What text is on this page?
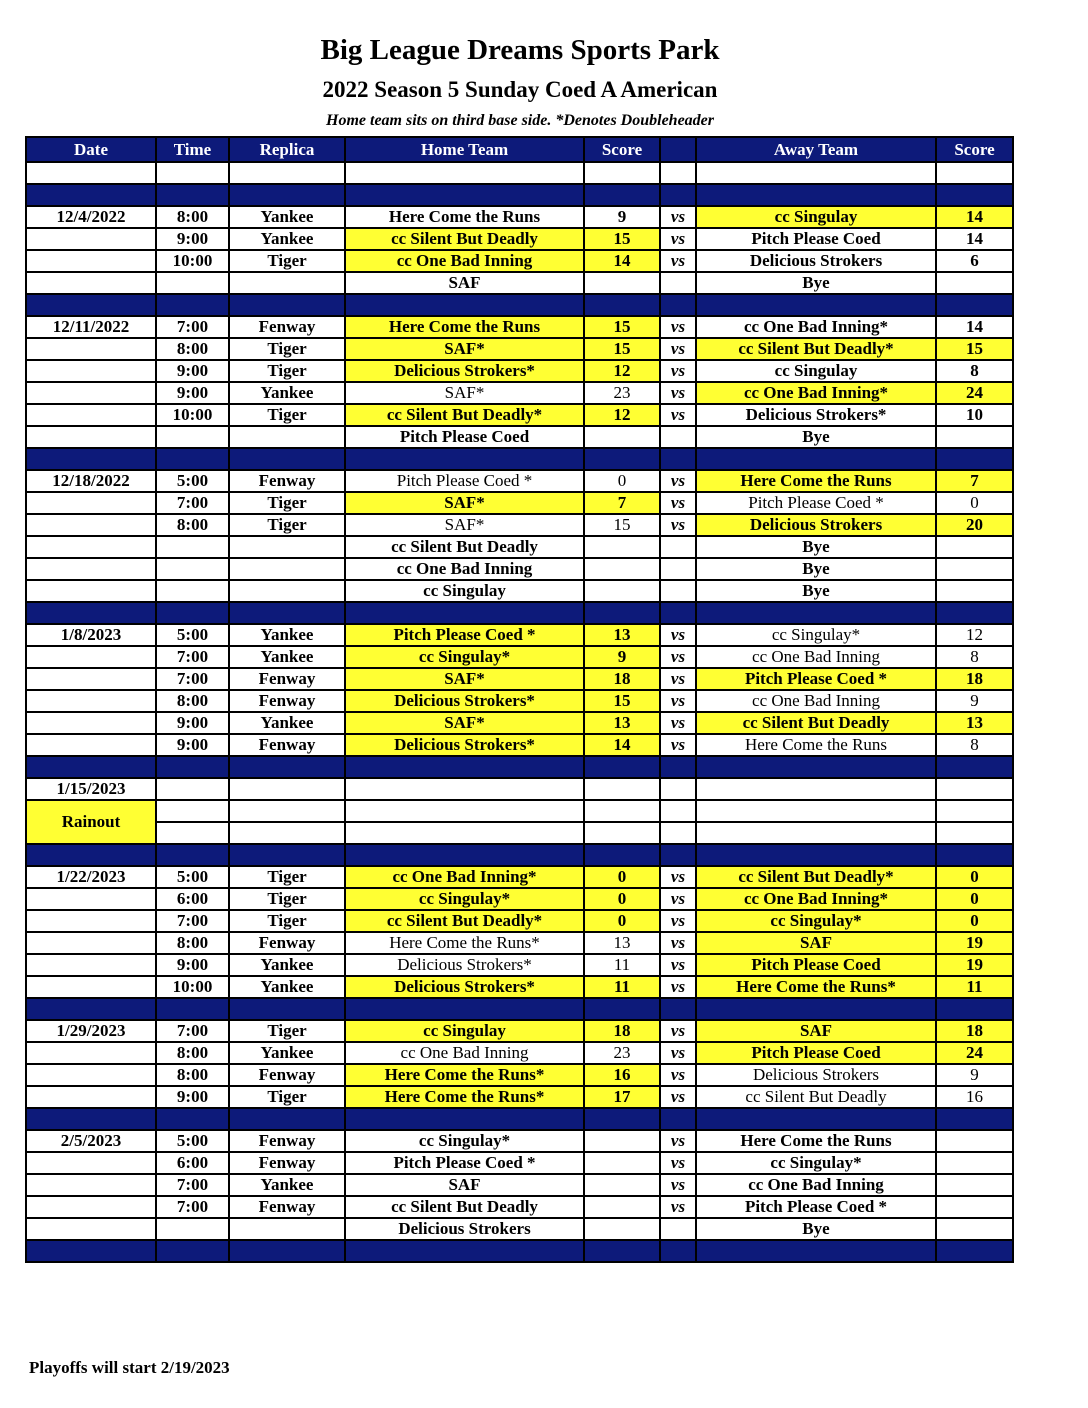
Big League Dreams Sports Park
2022 Season 5 Sunday Coed A American
Home team sits on third base side. *Denotes Doubleheader
Date	Time	Replica	Home Team	Score		Away Team	Score

12/4/2022	8:00	Yankee	Here Come the Runs	9	vs	cc Singulay	14
	9:00	Yankee	cc Silent But Deadly	15	vs	Pitch Please Coed	14
	10:00	Tiger	cc One Bad Inning	14	vs	Delicious Strokers	6
			SAF			Bye	

12/11/2022	7:00	Fenway	Here Come the Runs	15	vs	cc One Bad Inning*	14
	8:00	Tiger	SAF*	15	vs	cc Silent But Deadly*	15
	9:00	Tiger	Delicious Strokers*	12	vs	cc Singulay	8
	9:00	Yankee	SAF*	23	vs	cc One Bad Inning*	24
	10:00	Tiger	cc Silent But Deadly*	12	vs	Delicious Strokers*	10
			Pitch Please Coed			Bye	

12/18/2022	5:00	Fenway	Pitch Please Coed *	0	vs	Here Come the Runs	7
	7:00	Tiger	SAF*	7	vs	Pitch Please Coed *	0
	8:00	Tiger	SAF*	15	vs	Delicious Strokers	20
			cc Silent But Deadly			Bye	
			cc One Bad Inning			Bye	
			cc Singulay			Bye	

1/8/2023	5:00	Yankee	Pitch Please Coed *	13	vs	cc Singulay*	12
	7:00	Yankee	cc Singulay*	9	vs	cc One Bad Inning	8
	7:00	Fenway	SAF*	18	vs	Pitch Please Coed *	18
	8:00	Fenway	Delicious Strokers*	15	vs	cc One Bad Inning	9
	9:00	Yankee	SAF*	13	vs	cc Silent But Deadly	13
	9:00	Fenway	Delicious Strokers*	14	vs	Here Come the Runs	8

1/15/2023							
Rainout							

1/22/2023	5:00	Tiger	cc One Bad Inning*	0	vs	cc Silent But Deadly*	0
	6:00	Tiger	cc Singulay*	0	vs	cc One Bad Inning*	0
	7:00	Tiger	cc Silent But Deadly*	0	vs	cc Singulay*	0
	8:00	Fenway	Here Come the Runs*	13	vs	SAF	19
	9:00	Yankee	Delicious Strokers*	11	vs	Pitch Please Coed	19
	10:00	Yankee	Delicious Strokers*	11	vs	Here Come the Runs*	11

1/29/2023	7:00	Tiger	cc Singulay	18	vs	SAF	18
	8:00	Yankee	cc One Bad Inning	23	vs	Pitch Please Coed	24
	8:00	Fenway	Here Come the Runs*	16	vs	Delicious Strokers	9
	9:00	Tiger	Here Come the Runs*	17	vs	cc Silent But Deadly	16

2/5/2023	5:00	Fenway	cc Singulay*		vs	Here Come the Runs	
	6:00	Fenway	Pitch Please Coed *		vs	cc Singulay*	
	7:00	Yankee	SAF		vs	cc One Bad Inning	
	7:00	Fenway	cc Silent But Deadly		vs	Pitch Please Coed *	
			Delicious Strokers			Bye	

Playoffs will start 2/19/2023
